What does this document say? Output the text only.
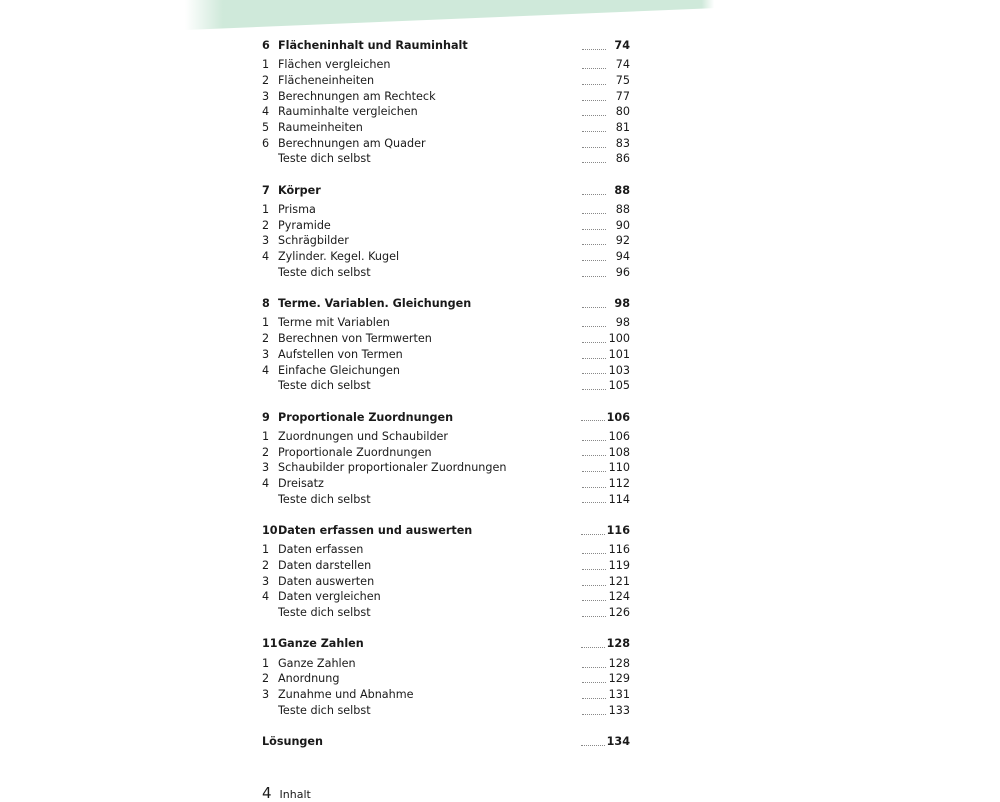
6 Flächeninhalt und Rauminhalt	74
1 Flächen vergleichen	74
2 Flächeneinheiten	75
3 Berechnungen am Rechteck	77
4 Rauminhalte vergleichen	80
5 Raumeinheiten	81
6 Berechnungen am Quader	83
Teste dich selbst	86
7 Körper	88
1 Prisma	88
2 Pyramide	90
3 Schrägbilder	92
4 Zylinder. Kegel. Kugel	94
Teste dich selbst	96
8 Terme. Variablen. Gleichungen	98
1 Terme mit Variablen	98
2 Berechnen von Termwerten	100
3 Aufstellen von Termen	101
4 Einfache Gleichungen	103
Teste dich selbst	105
9 Proportionale Zuordnungen	106
1 Zuordnungen und Schaubilder	106
2 Proportionale Zuordnungen	108
3 Schaubilder proportionaler Zuordnungen	110
4 Dreisatz	112
Teste dich selbst	114
10 Daten erfassen und auswerten	116
1 Daten erfassen	116
2 Daten darstellen	119
3 Daten auswerten	121
4 Daten vergleichen	124
Teste dich selbst	126
11 Ganze Zahlen	128
1 Ganze Zahlen	128
2 Anordnung	129
3 Zunahme und Abnahme	131
Teste dich selbst	133
Lösungen	134
4 Inhalt
